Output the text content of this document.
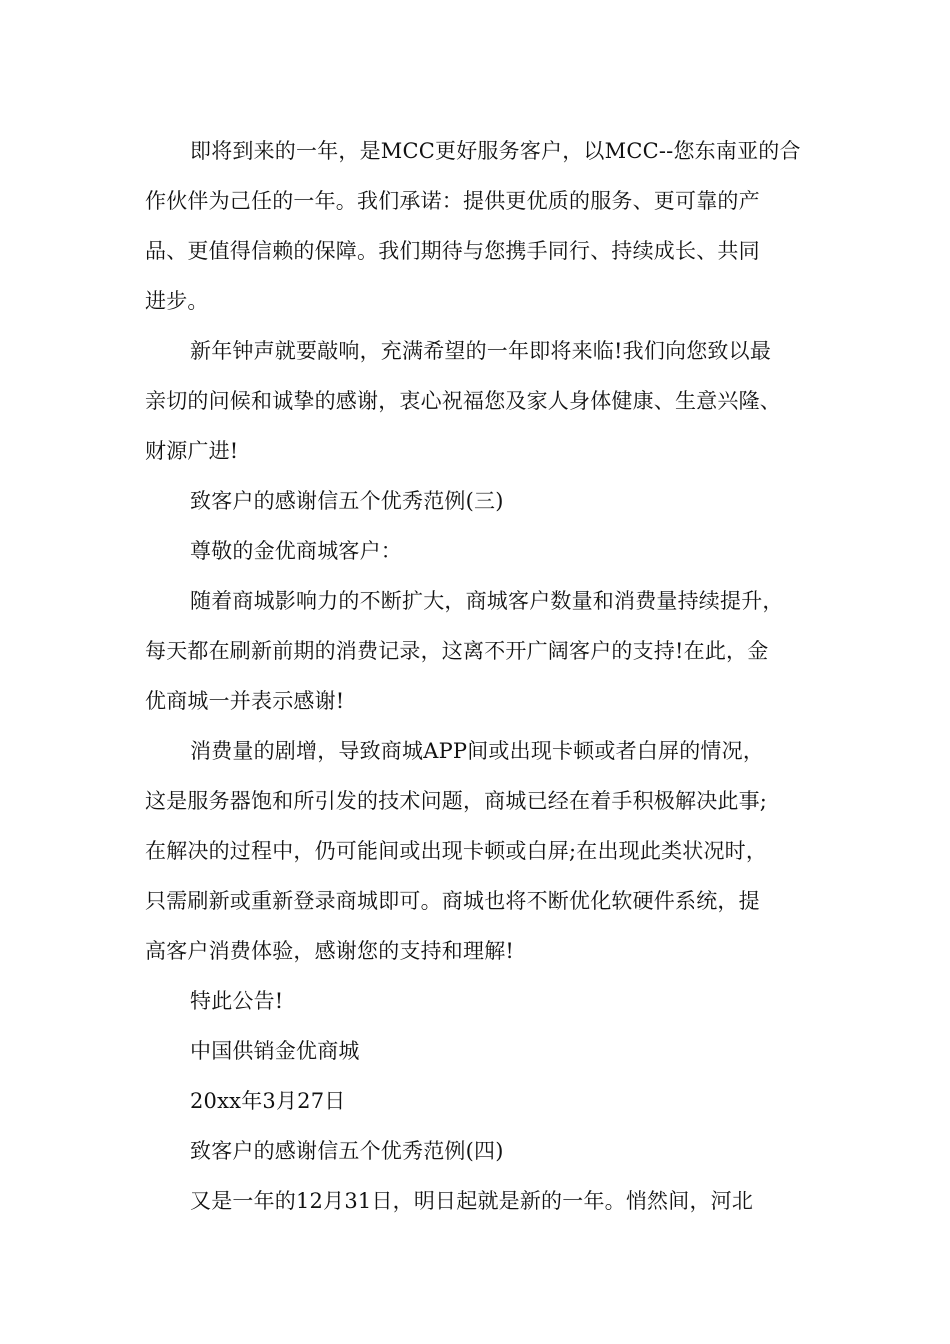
即将到来的一年，是MCC更好服务客户，以MCC--您东南亚的合
作伙伴为己任的一年。我们承诺：提供更优质的服务、更可靠的产
品、更值得信赖的保障。我们期待与您携手同行、持续成长、共同
进步。
新年钟声就要敲响，充满希望的一年即将来临!我们向您致以最
亲切的问候和诚挚的感谢，衷心祝福您及家人身体健康、生意兴隆、
财源广进!
致客户的感谢信五个优秀范例(三)
尊敬的金优商城客户：
随着商城影响力的不断扩大，商城客户数量和消费量持续提升，
每天都在刷新前期的消费记录，这离不开广阔客户的支持!在此，金
优商城一并表示感谢!
消费量的剧增，导致商城APP间或出现卡顿或者白屏的情况，
这是服务器饱和所引发的技术问题，商城已经在着手积极解决此事;
在解决的过程中，仍可能间或出现卡顿或白屏;在出现此类状况时，
只需刷新或重新登录商城即可。商城也将不断优化软硬件系统，提
高客户消费体验，感谢您的支持和理解!
特此公告!
中国供销金优商城
20xx年3月27日
致客户的感谢信五个优秀范例(四)
又是一年的12月31日，明日起就是新的一年。悄然间，河北
